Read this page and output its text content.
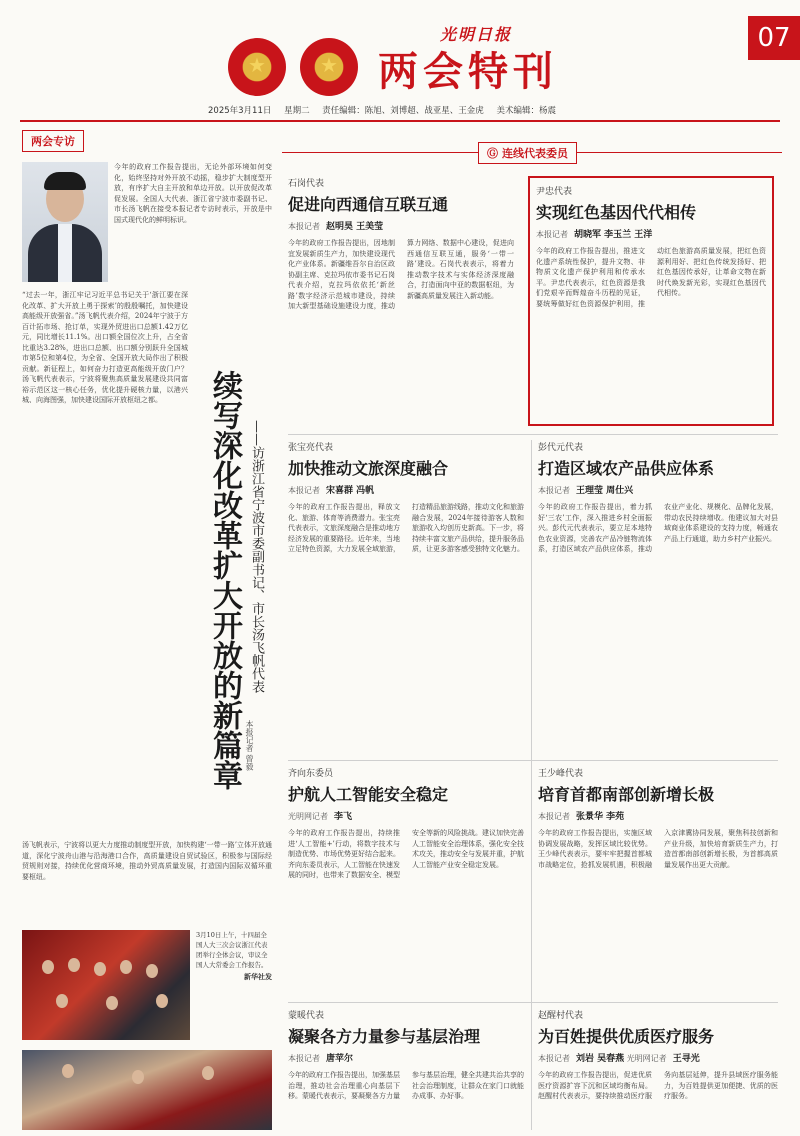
★	★
光明日报
两会特刊
07
2025年3月11日 星期二 责任编辑：陈旭、刘博超、战亚星、王金虎 美术编辑：杨震
两会专访
今年的政府工作报告提出，无论外部环境如何变化，始终坚持对外开放不动摇，稳步扩大制度型开放，有序扩大自主开放和单边开放。以开放促改革促发展。全国人大代表、浙江省宁波市委副书记、市长汤飞帆在接受本报记者专访时表示，开放是中国式现代化的鲜明标识。
“过去一年，浙江牢记习近平总书记关于‘浙江要在深化改革、扩大开放上勇于探索’的殷殷嘱托，加快建设高能级开放强省。”汤飞帆代表介绍，2024年宁波于方百计拓市场、抢订单，实现外贸进出口总额1.42万亿元，同比增长11.1%。出口额全国位次上升，占全省比重达3.28%，进出口总额、出口额分别跃升全国城市第5位和第4位，为全省、全国开放大局作出了积极贡献。新征程上，如何奋力打造更高能级开放门户？汤飞帆代表表示，宁波将聚焦高质量发展建设共同富裕示范区这一核心任务，优化提升硬核力量，以港兴城、向海图强，加快建设国际开放枢纽之都。	续写深化改革扩大开放的新篇章 ——访浙江省宁波市委副书记、市长汤飞帆代表
本报记者 曾毅
汤飞帆表示，宁波将以更大力度推动制度型开放，加快构建‘一带一路’立体开放通道，深化宁波舟山港与沿海港口合作，高质量建设自贸试验区，积极参与国际经贸规则对接，持续优化营商环境，推动外贸高质量发展，打造国内国际双循环重要枢纽。
3月10日上午，十四届全国人大三次会议浙江代表团举行全体会议，审议全国人大常委会工作报告。
新华社发
Ⓖ 连线代表委员
石岗代表
促进向西通信互联互通
本报记者 赵明昊 王美莹
今年的政府工作报告提出，因地制宜发展新质生产力，加快建设现代化产业体系。新疆维吾尔自治区政协副主席、克拉玛依市委书记石岗代表介绍，克拉玛依依托‘新丝路’数字经济示范城市建设，持续加大新型基础设施建设力度，推动算力网络、数据中心建设，促进向西通信互联互通，服务‘一带一路’建设。石岗代表表示，将着力推动数字技术与实体经济深度融合，打造面向中亚的数据枢纽，为新疆高质量发展注入新动能。
尹忠代表
实现红色基因代代相传
本报记者 胡晓军 李玉兰 王洋
今年的政府工作报告提出，推进文化遗产系统性保护，提升文物、非物质文化遗产保护利用和传承水平。尹忠代表表示，红色资源是我们党艰辛而辉煌奋斗历程的见证，要统筹做好红色资源保护利用，推动红色旅游高质量发展，把红色资源利用好、把红色传统发扬好、把红色基因传承好，让革命文物在新时代焕发新光彩，实现红色基因代代相传。
张宝亮代表
加快推动文旅深度融合
本报记者 宋喜群 冯帆
今年的政府工作报告提出，释放文化、旅游、体育等消费潜力。张宝亮代表表示，文旅深度融合是推动地方经济发展的重要路径。近年来，当地立足特色资源，大力发展全域旅游，打造精品旅游线路，推动文化和旅游融合发展，2024年接待游客人数和旅游收入均创历史新高。下一步，将持续丰富文旅产品供给，提升服务品质，让更多游客感受独特文化魅力。
彭代元代表
打造区域农产品供应体系
本报记者 王理莹 周仕兴
今年的政府工作报告提出，着力抓好‘三农’工作，深入推进乡村全面振兴。彭代元代表表示，要立足本地特色农业资源，完善农产品冷链物流体系，打造区域农产品供应体系，推动农业产业化、规模化、品牌化发展，带动农民持续增收。他建议加大对县域商业体系建设的支持力度，畅通农产品上行通道，助力乡村产业振兴。
齐向东委员
护航人工智能安全稳定
光明网记者 李飞
今年的政府工作报告提出，持续推进‘人工智能+’行动，将数字技术与制造优势、市场优势更好结合起来。齐向东委员表示，人工智能在快速发展的同时，也带来了数据安全、模型安全等新的风险挑战。建议加快完善人工智能安全治理体系，强化安全技术攻关，推动安全与发展并重，护航人工智能产业安全稳定发展。
王少峰代表
培育首都南部创新增长极
本报记者 张景华 李苑
今年的政府工作报告提出，实施区域协调发展战略，发挥区域比较优势。王少峰代表表示，要牢牢把握首都城市战略定位，抢抓发展机遇，积极融入京津冀协同发展，聚焦科技创新和产业升级，加快培育新质生产力，打造首都南部创新增长极，为首都高质量发展作出更大贡献。
蒙暖代表
凝聚各方力量参与基层治理
本报记者 唐苹尔
今年的政府工作报告提出，加强基层治理，推动社会治理重心向基层下移。蒙暖代表表示，要凝聚各方力量参与基层治理，健全共建共治共享的社会治理制度，让群众在家门口就能办成事、办好事。
赵醒村代表
为百姓提供优质医疗服务
本报记者 刘岩 吴春燕 光明网记者 王寻光
今年的政府工作报告提出，促进优质医疗资源扩容下沉和区域均衡布局。赵醒村代表表示，要持续推动医疗服务向基层延伸，提升县域医疗服务能力，为百姓提供更加便捷、优质的医疗服务。
